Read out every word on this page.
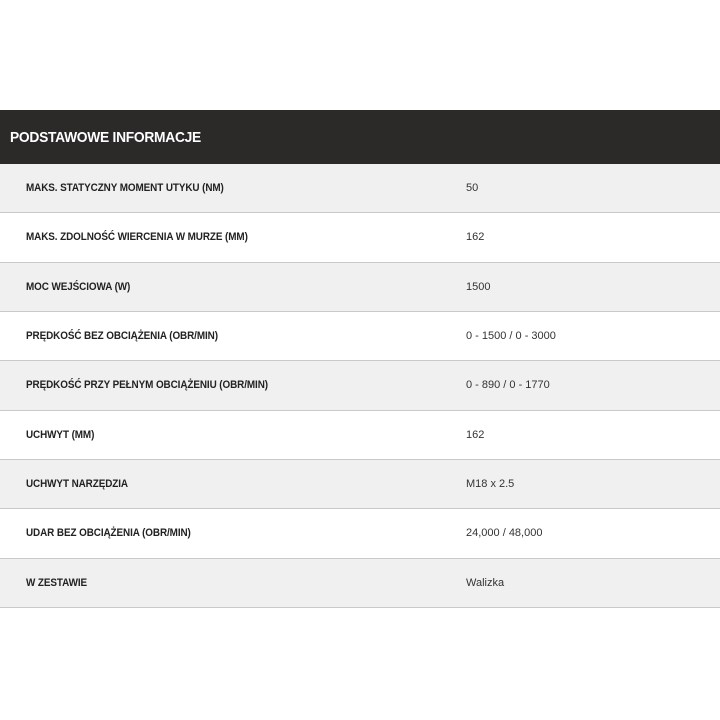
PODSTAWOWE INFORMACJE
MAKS. STATYCZNY MOMENT UTYKU (NM)	50
MAKS. ZDOLNOŚĆ WIERCENIA W MURZE (MM)	162
MOC WEJŚCIOWA (W)	1500
PRĘDKOŚĆ BEZ OBCIĄŻENIA (OBR/MIN)	0 - 1500 / 0 - 3000
PRĘDKOŚĆ PRZY PEŁNYM OBCIĄŻENIU (OBR/MIN)	0 - 890 / 0 - 1770
UCHWYT (MM)	162
UCHWYT NARZĘDZIA	M18 x 2.5
UDAR BEZ OBCIĄŻENIA (OBR/MIN)	24,000 / 48,000
W ZESTAWIE	Walizka
